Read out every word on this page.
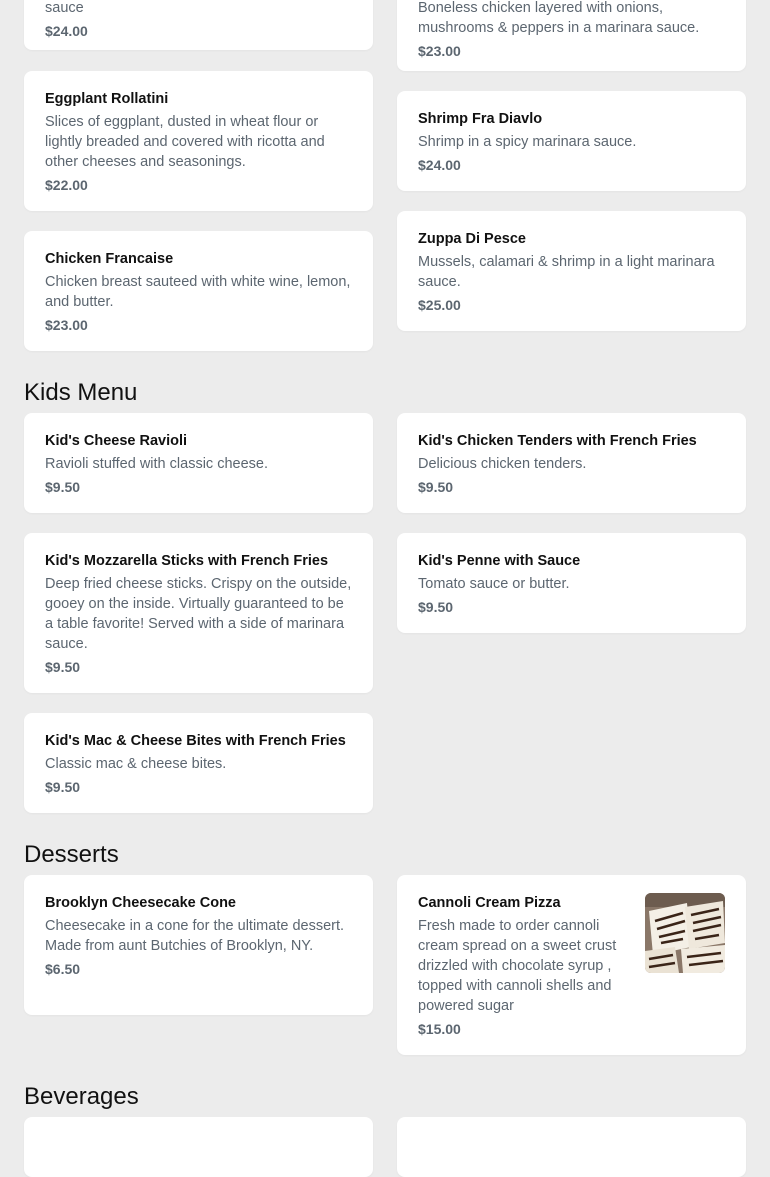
sauce
$24.00
Eggplant Rollatini
Slices of eggplant, dusted in wheat flour or lightly breaded and covered with ricotta and other cheeses and seasonings.
$22.00
Chicken Francaise
Chicken breast sauteed with white wine, lemon, and butter.
$23.00
Boneless chicken layered with onions, mushrooms & peppers in a marinara sauce.
$23.00
Shrimp Fra Diavlo
Shrimp in a spicy marinara sauce.
$24.00
Zuppa Di Pesce
Mussels, calamari & shrimp in a light marinara sauce.
$25.00
Kids Menu
Kid's Cheese Ravioli
Ravioli stuffed with classic cheese.
$9.50
Kid's Mozzarella Sticks with French Fries
Deep fried cheese sticks. Crispy on the outside, gooey on the inside. Virtually guaranteed to be a table favorite! Served with a side of marinara sauce.
$9.50
Kid's Mac & Cheese Bites with French Fries
Classic mac & cheese bites.
$9.50
Kid's Chicken Tenders with French Fries
Delicious chicken tenders.
$9.50
Kid's Penne with Sauce
Tomato sauce or butter.
$9.50
Desserts
Brooklyn Cheesecake Cone
Cheesecake in a cone for the ultimate dessert. Made from aunt Butchies of Brooklyn, NY.
$6.50
Cannoli Cream Pizza
Fresh made to order cannoli cream spread on a sweet crust drizzled with chocolate syrup , topped with cannoli shells and powered sugar
$15.00
Beverages
